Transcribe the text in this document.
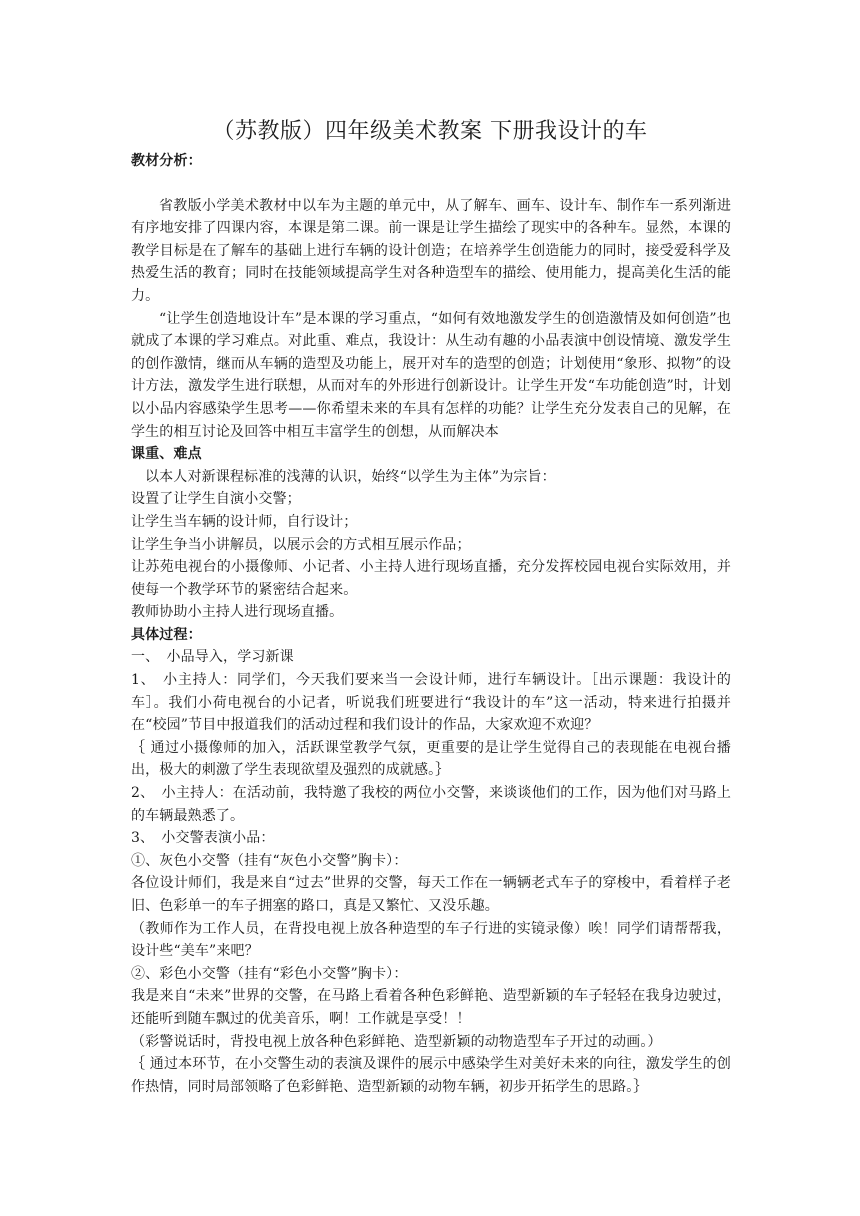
（苏教版）四年级美术教案 下册我设计的车

教材分析：

省教版小学美术教材中以车为主题的单元中，从了解车、画车、设计车、制作车一系列渐进有序地安排了四课内容，本课是第二课。前一课是让学生描绘了现实中的各种车。显然，本课的教学目标是在了解车的基础上进行车辆的设计创造；在培养学生创造能力的同时，接受爱科学及热爱生活的教育；同时在技能领域提高学生对各种造型车的描绘、使用能力，提高美化生活的能力。

“让学生创造地设计车”是本课的学习重点，“如何有效地激发学生的创造激情及如何创造”也就成了本课的学习难点。对此重、难点，我设计：从生动有趣的小品表演中创设情境、激发学生的创作激情，继而从车辆的造型及功能上，展开对车的造型的创造；计划使用“象形、拟物”的设计方法，激发学生进行联想，从而对车的外形进行创新设计。让学生开发“车功能创造”时，计划以小品内容感染学生思考——你希望未来的车具有怎样的功能？让学生充分发表自己的见解，在学生的相互讨论及回答中相互丰富学生的创想，从而解决本

课重、难点

以本人对新课程标准的浅薄的认识，始终“以学生为主体”为宗旨：

设置了让学生自演小交警；

让学生当车辆的设计师，自行设计；

让学生争当小讲解员，以展示会的方式相互展示作品；

让苏苑电视台的小摄像师、小记者、小主持人进行现场直播，充分发挥校园电视台实际效用，并使每一个教学环节的紧密结合起来。

教师协助小主持人进行现场直播。

具体过程：

一、　小品导入，学习新课

1、　小主持人：同学们，今天我们要来当一会设计师，进行车辆设计。［出示课题：我设计的车］。我们小荷电视台的小记者，听说我们班要进行“我设计的车”这一活动，特来进行拍摄并在“校园”节目中报道我们的活动过程和我们设计的作品，大家欢迎不欢迎？

｛ 通过小摄像师的加入，活跃课堂教学气氛，更重要的是让学生觉得自己的表现能在电视台播出，极大的刺激了学生表现欲望及强烈的成就感。｝

2、　小主持人：在活动前，我特邀了我校的两位小交警，来谈谈他们的工作，因为他们对马路上的车辆最熟悉了。

3、　小交警表演小品：

①、灰色小交警（挂有“灰色小交警”胸卡）：

各位设计师们，我是来自“过去”世界的交警，每天工作在一辆辆老式车子的穿梭中，看着样子老旧、色彩单一的车子拥塞的路口，真是又繁忙、又没乐趣。

（教师作为工作人员，在背投电视上放各种造型的车子行进的实镜录像）唉！同学们请帮帮我，设计些“美车”来吧？

②、彩色小交警（挂有“彩色小交警”胸卡）：

我是来自“未来”世界的交警，在马路上看着各种色彩鲜艳、造型新颖的车子轻轻在我身边驶过，还能听到随车飘过的优美音乐，啊！工作就是享受！！

（彩警说话时，背投电视上放各种色彩鲜艳、造型新颖的动物造型车子开过的动画。）

｛ 通过本环节，在小交警生动的表演及课件的展示中感染学生对美好未来的向往，激发学生的创作热情，同时局部领略了色彩鲜艳、造型新颖的动物车辆，初步开拓学生的思路。｝
